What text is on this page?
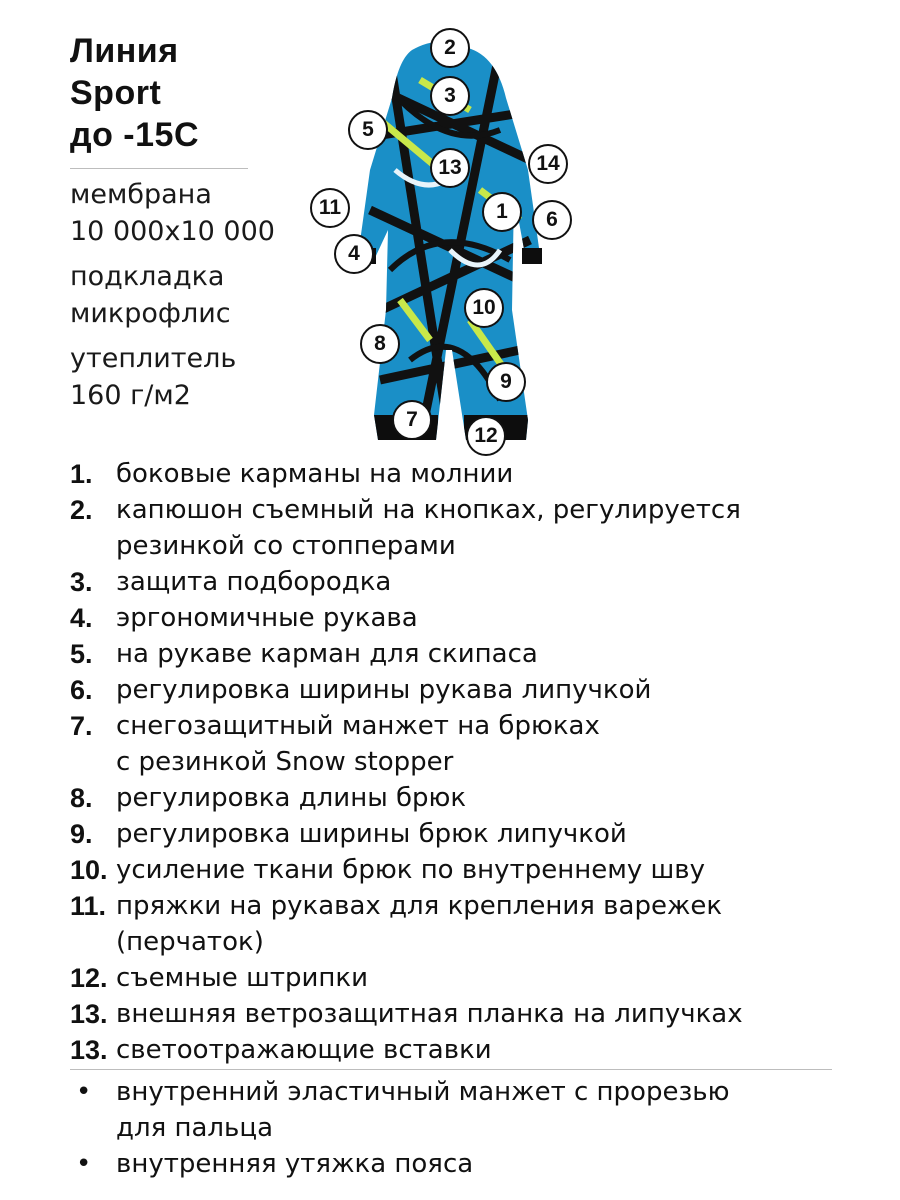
Линия
Sport
до -15С
мембрана
10 000х10 000
подкладка
микрофлис
утеплитель
160 г/м2
2
3
5
13	14
11	1	6
4
10
8
9
7
12
1. боковые карманы на молнии
2. капюшон съемный на кнопках, регулируется
резинкой со стопперами
3. защита подбородка
4. эргономичные рукава
5. на рукаве карман для скипаса
6. регулировка ширины рукава липучкой
7. снегозащитный манжет на брюках
с резинкой Snow stopper
8. регулировка длины брюк
9. регулировка ширины брюк липучкой
10. усиление ткани брюк по внутреннему шву
11. пряжки на рукавах для крепления варежек
(перчаток)
12. съемные штрипки
13. внешняя ветрозащитная планка на липучках
13. светоотражающие вставки
• внутренний эластичный манжет с прорезью
для пальца
• внутренняя утяжка пояса
